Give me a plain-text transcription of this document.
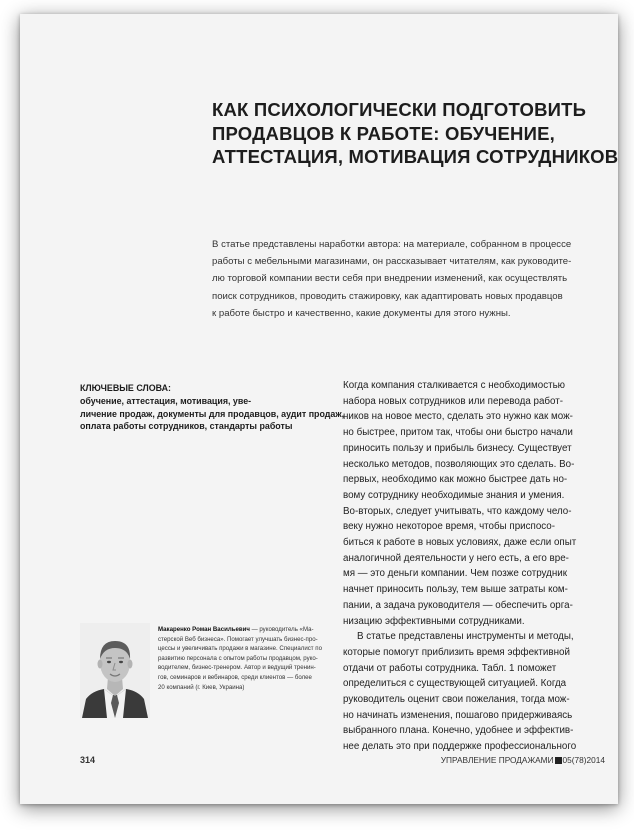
КАК ПСИХОЛОГИЧЕСКИ ПОДГОТОВИТЬ
ПРОДАВЦОВ К РАБОТЕ: ОБУЧЕНИЕ,
АТТЕСТАЦИЯ, МОТИВАЦИЯ СОТРУДНИКОВ

В статье представлены наработки автора: на материале, собранном в процессе
работы с мебельными магазинами, он рассказывает читателям, как руководите-
лю торговой компании вести себя при внедрении изменений, как осуществлять
поиск сотрудников, проводить стажировку, как адаптировать новых продавцов
к работе быстро и качественно, какие документы для этого нужны.

КЛЮЧЕВЫЕ СЛОВА:
обучение, аттестация, мотивация, уве-
личение продаж, документы для продавцов, аудит продаж,
оплата работы сотрудников, стандарты работы

Когда компания сталкивается с необходимостью
набора новых сотрудников или перевода работ-
ников на новое место, сделать это нужно как мож-
но быстрее, притом так, чтобы они быстро начали
приносить пользу и прибыль бизнесу. Существует
несколько методов, позволяющих это сделать. Во-
первых, необходимо как можно быстрее дать но-
вому сотруднику необходимые знания и умения.
Во-вторых, следует учитывать, что каждому чело-
веку нужно некоторое время, чтобы приспосо-
биться к работе в новых условиях, даже если опыт
аналогичной деятельности у него есть, а его вре-
мя — это деньги компании. Чем позже сотрудник
начнет приносить пользу, тем выше затраты ком-
пании, а задача руководителя — обеспечить орга-
низацию эффективными сотрудниками.
В статье представлены инструменты и методы,
которые помогут приблизить время эффективной
отдачи от работы сотрудника. Табл. 1 поможет
определиться с существующей ситуацией. Когда
руководитель оценит свои пожелания, тогда мож-
но начинать изменения, пошагово придерживаясь
выбранного плана. Конечно, удобнее и эффектив-
нее делать это при поддержке профессионального

Макаренко Роман Васильевич — руководитель «Ма-
стерской Веб бизнеса». Помогает улучшать бизнес-про-
цессы и увеличивать продажи в магазине. Специалист по
развитию персонала с опытом работы продавцом, руко-
водителем, бизнес-тренером. Автор и ведущий тренин-
гов, семинаров и вебинаров, среди клиентов — более
20 компаний (г. Киев, Украина)

314	УПРАВЛЕНИЕ ПРОДАЖАМИ 05(78)2014
